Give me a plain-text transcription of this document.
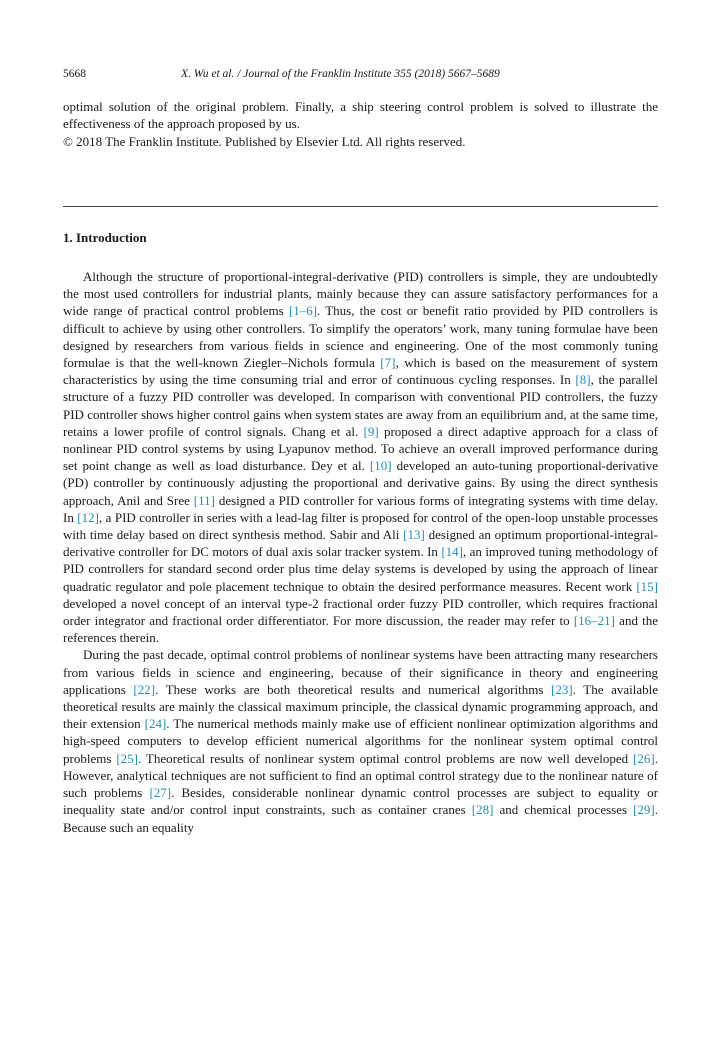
5668	X. Wu et al. / Journal of the Franklin Institute 355 (2018) 5667–5689

optimal solution of the original problem. Finally, a ship steering control problem is solved to illustrate the effectiveness of the approach proposed by us.

© 2018 The Franklin Institute. Published by Elsevier Ltd. All rights reserved.

1. Introduction

Although the structure of proportional-integral-derivative (PID) controllers is simple, they are undoubtedly the most used controllers for industrial plants, mainly because they can assure satisfactory performances for a wide range of practical control problems [1–6]. Thus, the cost or benefit ratio provided by PID controllers is difficult to achieve by using other controllers. To simplify the operators’ work, many tuning formulae have been designed by researchers from various fields in science and engineering. One of the most commonly tuning formulae is that the well-known Ziegler–Nichols formula [7], which is based on the measurement of system characteristics by using the time consuming trial and error of continuous cycling responses. In [8], the parallel structure of a fuzzy PID controller was developed. In comparison with conventional PID controllers, the fuzzy PID controller shows higher control gains when system states are away from an equilibrium and, at the same time, retains a lower profile of control signals. Chang et al. [9] proposed a direct adaptive approach for a class of nonlinear PID control systems by using Lyapunov method. To achieve an overall improved performance during set point change as well as load disturbance. Dey et al. [10] developed an auto-tuning proportional-derivative (PD) controller by continuously adjusting the proportional and derivative gains. By using the direct synthesis approach, Anil and Sree [11] designed a PID controller for various forms of integrating systems with time delay. In [12], a PID controller in series with a lead-lag filter is proposed for control of the open-loop unstable processes with time delay based on direct synthesis method. Sabir and Ali [13] designed an optimum proportional-integral-derivative controller for DC motors of dual axis solar tracker system. In [14], an improved tuning methodology of PID controllers for standard second order plus time delay systems is developed by using the approach of linear quadratic regulator and pole placement technique to obtain the desired performance measures. Recent work [15] developed a novel concept of an interval type-2 fractional order fuzzy PID controller, which requires fractional order integrator and fractional order differentiator. For more discussion, the reader may refer to [16–21] and the references therein.

During the past decade, optimal control problems of nonlinear systems have been attracting many researchers from various fields in science and engineering, because of their significance in theory and engineering applications [22]. These works are both theoretical results and numerical algorithms [23]. The available theoretical results are mainly the classical maximum principle, the classical dynamic programming approach, and their extension [24]. The numerical methods mainly make use of efficient nonlinear optimization algorithms and high-speed computers to develop efficient numerical algorithms for the nonlinear system optimal control problems [25]. Theoretical results of nonlinear system optimal control problems are now well developed [26]. However, analytical techniques are not sufficient to find an optimal control strategy due to the nonlinear nature of such problems [27]. Besides, considerable nonlinear dynamic control processes are subject to equality or inequality state and/or control input constraints, such as container cranes [28] and chemical processes [29]. Because such an equality
